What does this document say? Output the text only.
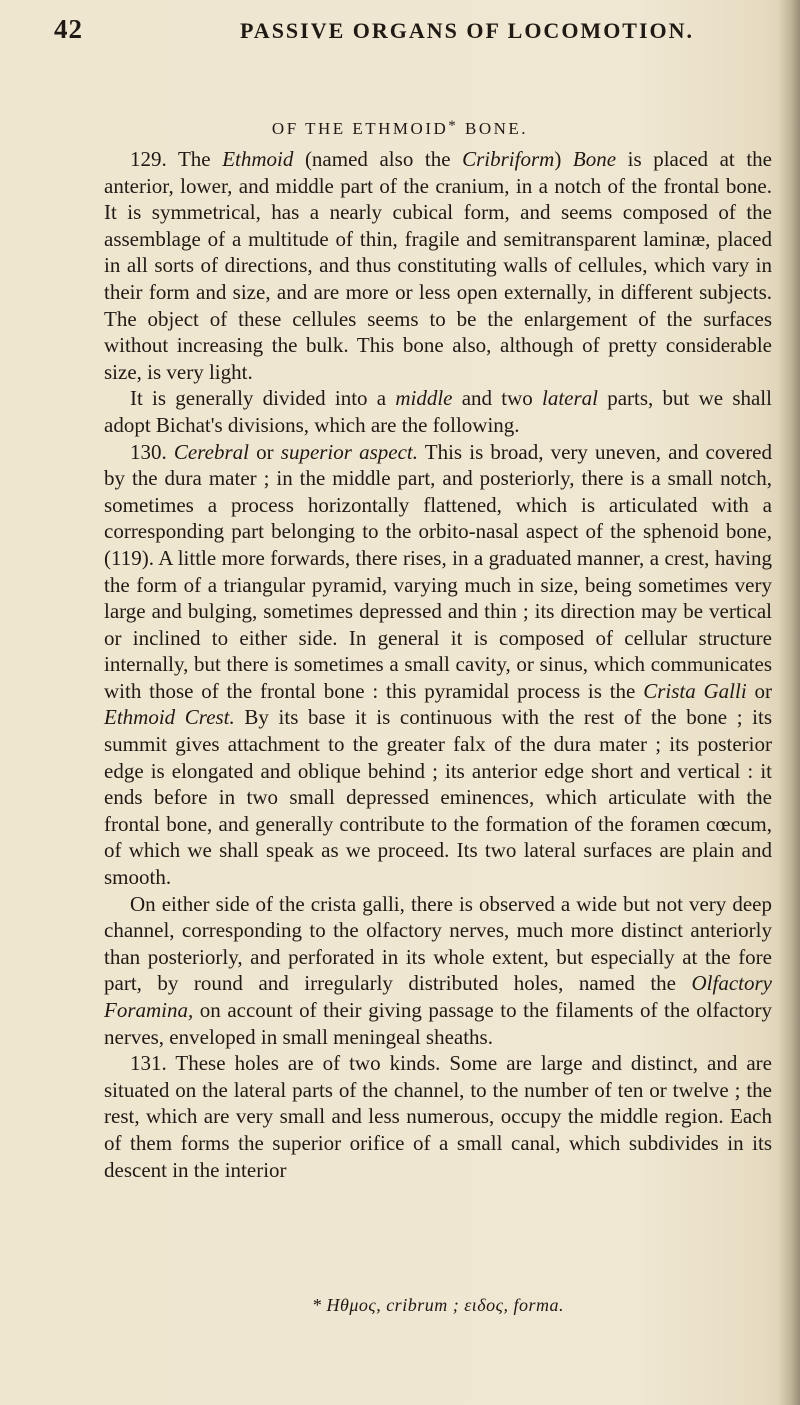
42	PASSIVE ORGANS OF LOCOMOTION.
OF THE ETHMOID* BONE.

129. The Ethmoid (named also the Cribriform) Bone is placed at the anterior, lower, and middle part of the cranium, in a notch of the frontal bone. It is symmetrical, has a nearly cubical form, and seems composed of the assemblage of a multitude of thin, fragile and semitransparent laminæ, placed in all sorts of directions, and thus constituting walls of cellules, which vary in their form and size, and are more or less open externally, in different subjects. The object of these cellules seems to be the enlargement of the surfaces without increasing the bulk. This bone also, although of pretty considerable size, is very light.

It is generally divided into a middle and two lateral parts, but we shall adopt Bichat's divisions, which are the following.

130. Cerebral or superior aspect. This is broad, very uneven, and covered by the dura mater ; in the middle part, and posteriorly, there is a small notch, sometimes a process horizontally flattened, which is articulated with a corresponding part belonging to the orbito-nasal aspect of the sphenoid bone, (119). A little more forwards, there rises, in a graduated manner, a crest, having the form of a triangular pyramid, varying much in size, being sometimes very large and bulging, sometimes depressed and thin ; its direction may be vertical or inclined to either side. In general it is composed of cellular structure internally, but there is sometimes a small cavity, or sinus, which communicates with those of the frontal bone : this pyramidal process is the Crista Galli or Ethmoid Crest. By its base it is continuous with the rest of the bone ; its summit gives attachment to the greater falx of the dura mater ; its posterior edge is elongated and oblique behind ; its anterior edge short and vertical : it ends before in two small depressed eminences, which articulate with the frontal bone, and generally contribute to the formation of the foramen cœcum, of which we shall speak as we proceed. Its two lateral surfaces are plain and smooth.

On either side of the crista galli, there is observed a wide but not very deep channel, corresponding to the olfactory nerves, much more distinct anteriorly than posteriorly, and perforated in its whole extent, but especially at the fore part, by round and irregularly distributed holes, named the Olfactory Foramina, on account of their giving passage to the filaments of the olfactory nerves, enveloped in small meningeal sheaths.

131. These holes are of two kinds. Some are large and distinct, and are situated on the lateral parts of the channel, to the number of ten or twelve ; the rest, which are very small and less numerous, occupy the middle region. Each of them forms the superior orifice of a small canal, which subdivides in its descent in the interior

* Ηθμος, cribrum ; ειδος, forma.
